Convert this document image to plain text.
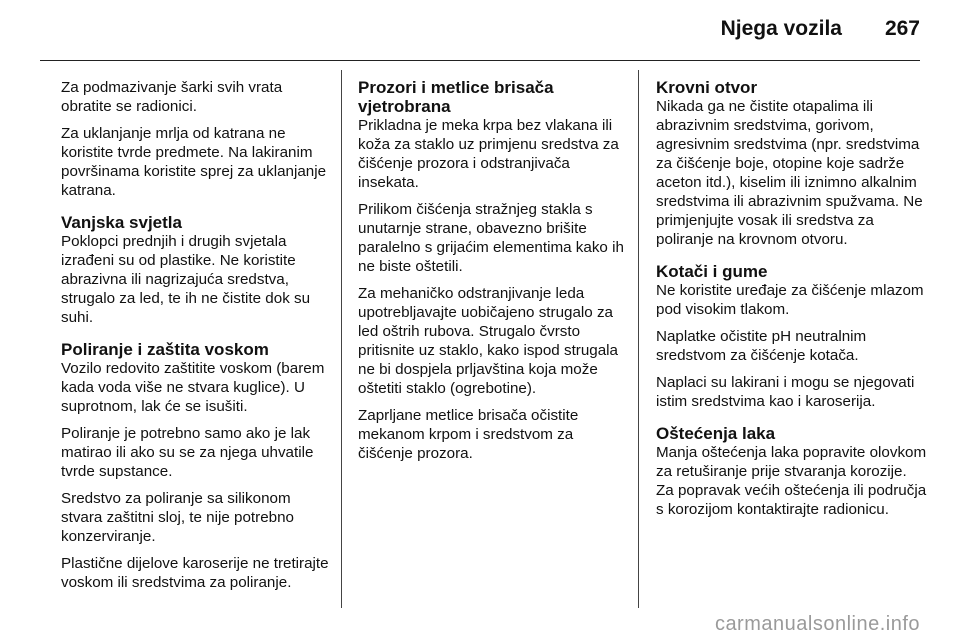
Njega vozila 267

Za podmazivanje šarki svih vrata obratite se radionici.

Za uklanjanje mrlja od katrana ne koristite tvrde predmete. Na lakiranim površinama koristite sprej za uklanjanje katrana.

Vanjska svjetla

Poklopci prednjih i drugih svjetala izrađeni su od plastike. Ne koristite abrazivna ili nagrizajuća sredstva, strugalo za led, te ih ne čistite dok su suhi.

Poliranje i zaštita voskom

Vozilo redovito zaštitite voskom (barem kada voda više ne stvara kuglice). U suprotnom, lak će se isušiti.

Poliranje je potrebno samo ako je lak matirao ili ako su se za njega uhvatile tvrde supstance.

Sredstvo za poliranje sa silikonom stvara zaštitni sloj, te nije potrebno konzerviranje.

Plastične dijelove karoserije ne tretirajte voskom ili sredstvima za poliranje.

Prozori i metlice brisača vjetrobrana

Prikladna je meka krpa bez vlakana ili koža za staklo uz primjenu sredstva za čišćenje prozora i odstranjivača insekata.

Prilikom čišćenja stražnjeg stakla s unutarnje strane, obavezno brišite paralelno s grijaćim elementima kako ih ne biste oštetili.

Za mehaničko odstranjivanje leda upotrebljavajte uobičajeno strugalo za led oštrih rubova. Strugalo čvrsto pritisnite uz staklo, kako ispod strugala ne bi dospjela prljavština koja može oštetiti staklo (ogrebotine).

Zaprljane metlice brisača očistite mekanom krpom i sredstvom za čišćenje prozora.

Krovni otvor

Nikada ga ne čistite otapalima ili abrazivnim sredstvima, gorivom, agresivnim sredstvima (npr. sredstvima za čišćenje boje, otopine koje sadrže aceton itd.), kiselim ili iznimno alkalnim sredstvima ili abrazivnim spužvama. Ne primjenjujte vosak ili sredstva za poliranje na krovnom otvoru.

Kotači i gume

Ne koristite uređaje za čišćenje mlazom pod visokim tlakom.

Naplatke očistite pH neutralnim sredstvom za čišćenje kotača.

Naplaci su lakirani i mogu se njegovati istim sredstvima kao i karoserija.

Oštećenja laka

Manja oštećenja laka popravite olovkom za retuširanje prije stvaranja korozije. Za popravak većih oštećenja ili područja s korozijom kontaktirajte radionicu.

carmanualsonline.info
